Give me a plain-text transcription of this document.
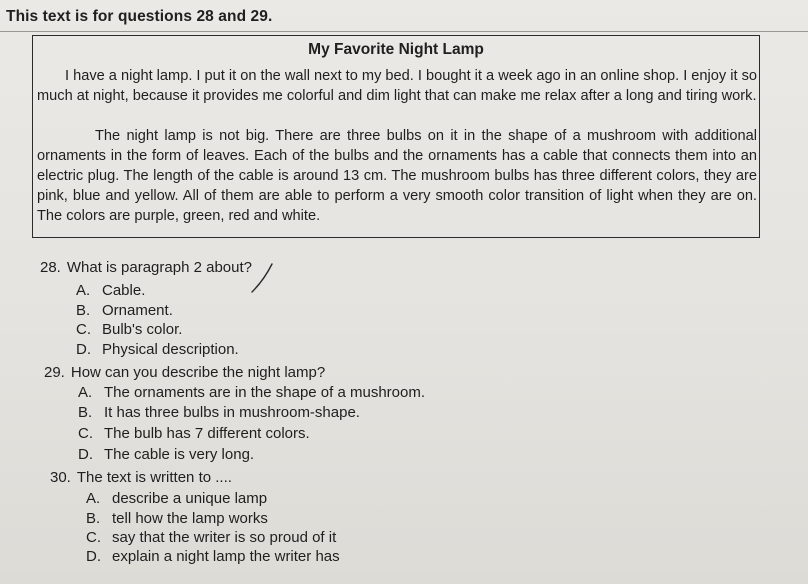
This text is for questions 28 and 29.
My Favorite Night Lamp

I have a night lamp. I put it on the wall next to my bed. I bought it a week ago in an online shop. I enjoy it so much at night, because it provides me colorful and dim light that can make me relax after a long and tiring work.

The night lamp is not big. There are three bulbs on it in the shape of a mushroom with additional ornaments in the form of leaves. Each of the bulbs and the ornaments has a cable that connects them into an electric plug. The length of the cable is around 13 cm. The mushroom bulbs has three different colors, they are pink, blue and yellow. All of them are able to perform a very smooth color transition of light when they are on. The colors are purple, green, red and white.

28. What is paragraph 2 about?
A. Cable.
B. Ornament.
C. Bulb's color.
D. Physical description.
29. How can you describe the night lamp?
A. The ornaments are in the shape of a mushroom.
B. It has three bulbs in mushroom-shape.
C. The bulb has 7 different colors.
D. The cable is very long.
30. The text is written to ....
A. describe a unique lamp
B. tell how the lamp works
C. say that the writer is so proud of it
D. explain a night lamp the writer has
